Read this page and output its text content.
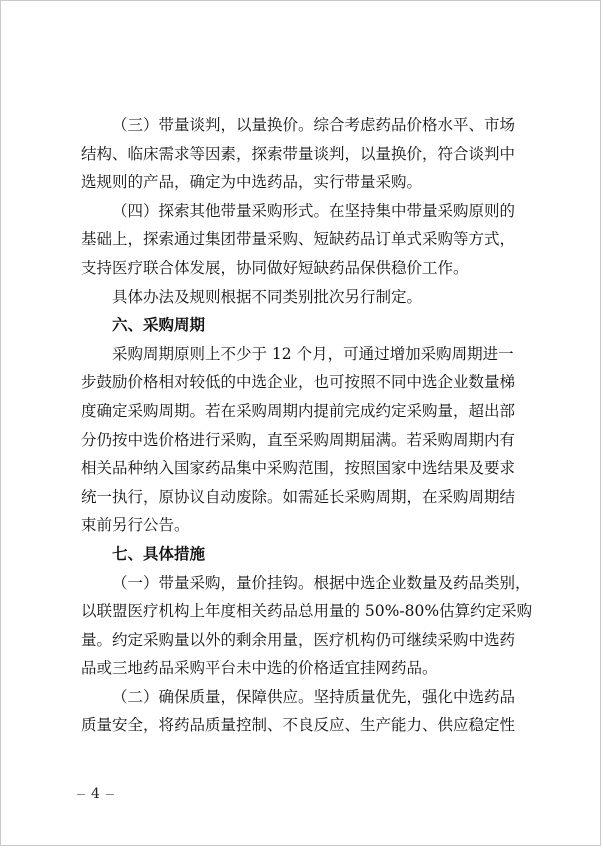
（三）带量谈判，以量换价。综合考虑药品价格水平、市场
结构、临床需求等因素，探索带量谈判，以量换价，符合谈判中
选规则的产品，确定为中选药品，实行带量采购。

（四）探索其他带量采购形式。在坚持集中带量采购原则的
基础上，探索通过集团带量采购、短缺药品订单式采购等方式，
支持医疗联合体发展，协同做好短缺药品保供稳价工作。

具体办法及规则根据不同类别批次另行制定。

六、采购周期
采购周期原则上不少于 12 个月，可通过增加采购周期进一
步鼓励价格相对较低的中选企业，也可按照不同中选企业数量梯
度确定采购周期。若在采购周期内提前完成约定采购量，超出部
分仍按中选价格进行采购，直至采购周期届满。若采购周期内有
相关品种纳入国家药品集中采购范围，按照国家中选结果及要求
统一执行，原协议自动废除。如需延长采购周期，在采购周期结
束前另行公告。

七、具体措施
（一）带量采购，量价挂钩。根据中选企业数量及药品类别，
以联盟医疗机构上年度相关药品总用量的 50%-80%估算约定采购
量。约定采购量以外的剩余用量，医疗机构仍可继续采购中选药
品或三地药品采购平台未中选的价格适宜挂网药品。
（二）确保质量，保障供应。坚持质量优先，强化中选药品
质量安全，将药品质量控制、不良反应、生产能力、供应稳定性

4
